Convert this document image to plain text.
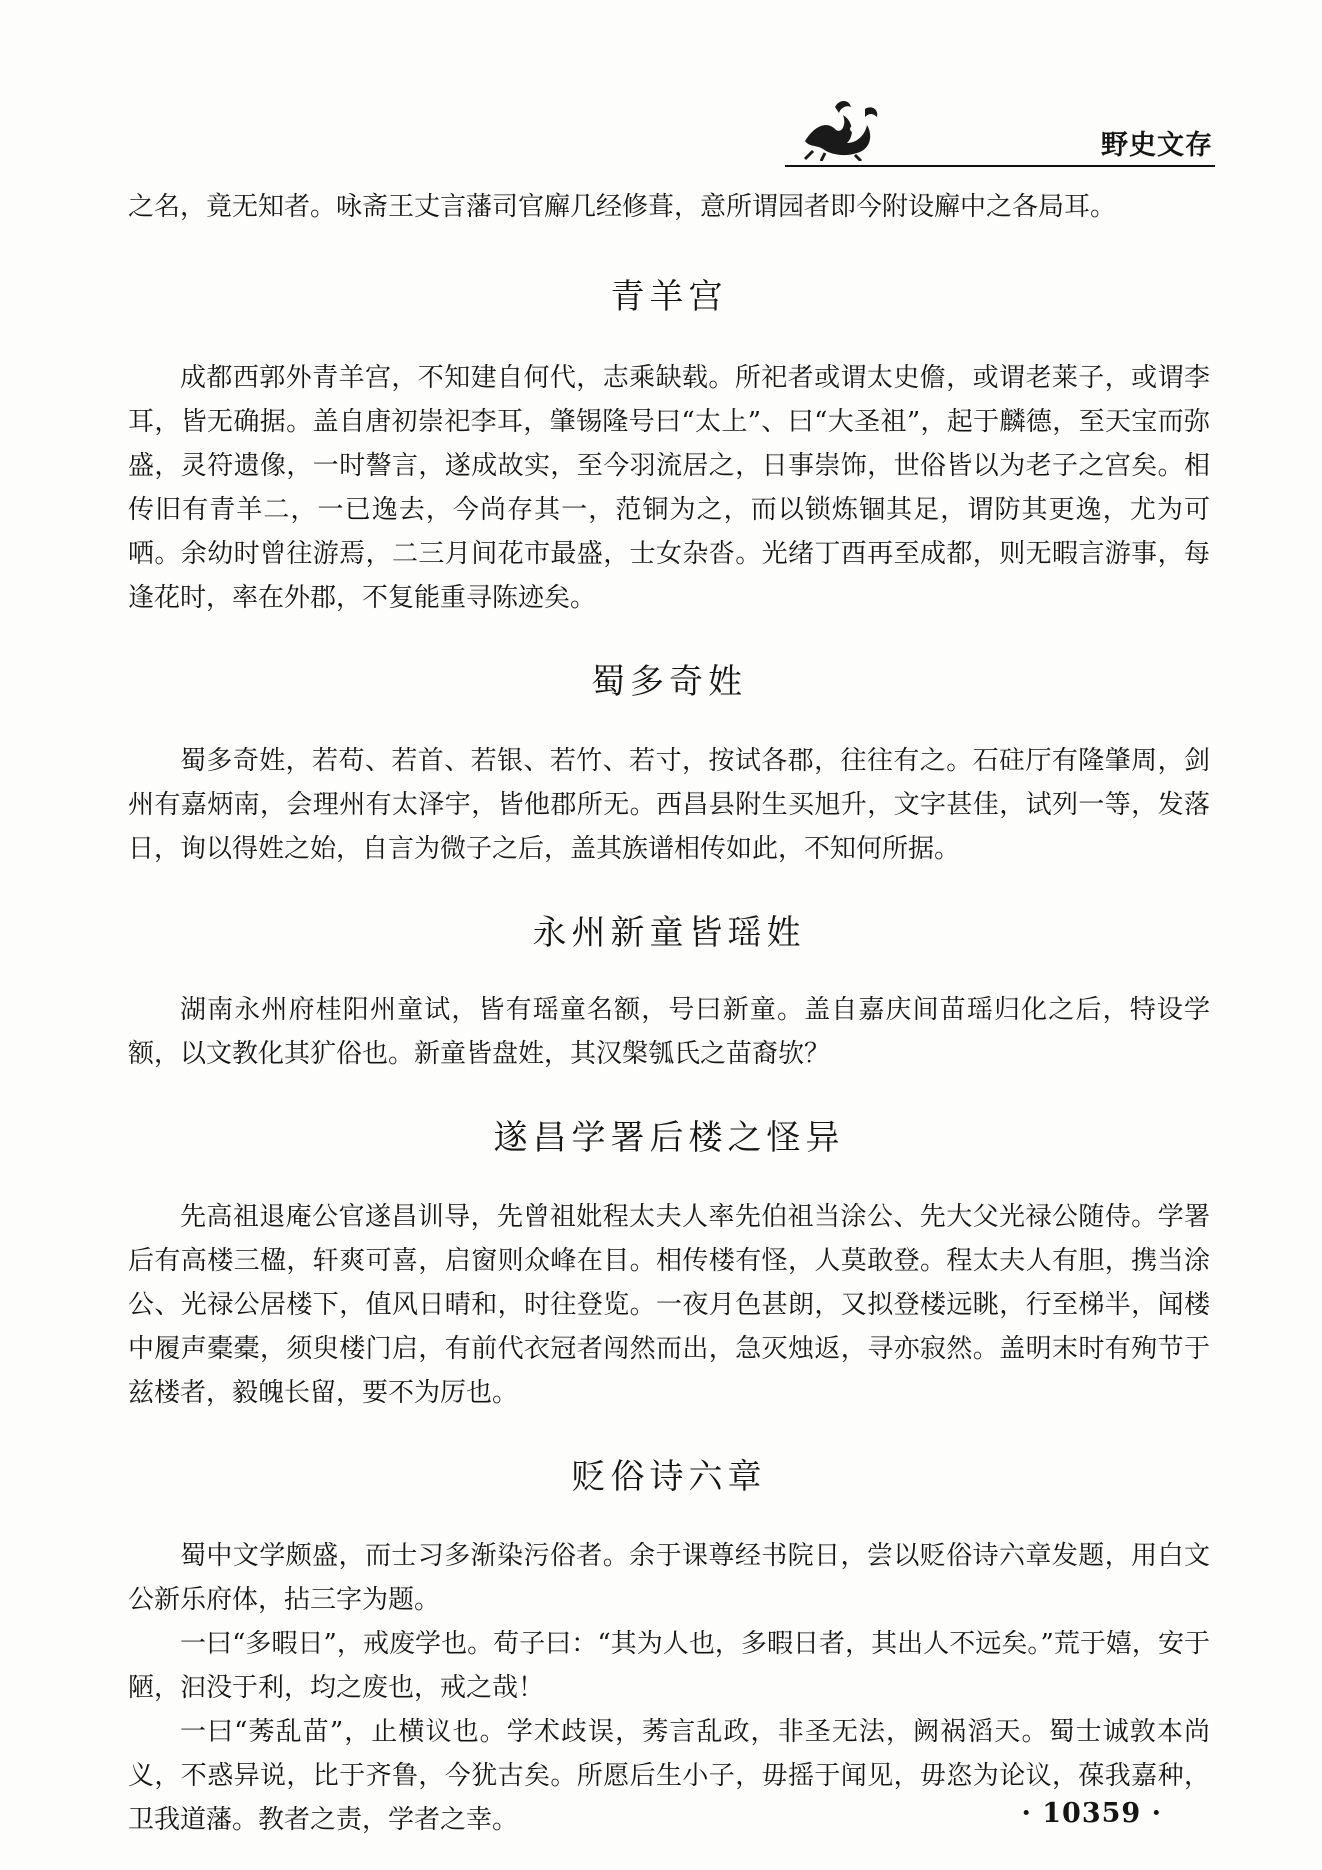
野史文存

之名，竟无知者。咏斋王丈言藩司官廨几经修葺，意所谓园者即今附设廨中之各局耳。

青羊宫

成都西郭外青羊宫，不知建自何代，志乘缺载。所祀者或谓太史儋，或谓老莱子，或谓李耳，皆无确据。盖自唐初崇祀李耳，肇锡隆号曰“太上”、曰“大圣祖”，起于麟德，至天宝而弥盛，灵符遗像，一时謷言，遂成故实，至今羽流居之，日事崇饰，世俗皆以为老子之宫矣。相传旧有青羊二，一已逸去，今尚存其一，范铜为之，而以锁炼锢其足，谓防其更逸，尤为可哂。余幼时曾往游焉，二三月间花市最盛，士女杂沓。光绪丁酉再至成都，则无暇言游事，每逢花时，率在外郡，不复能重寻陈迹矣。

蜀多奇姓

蜀多奇姓，若苟、若首、若银、若竹、若寸，按试各郡，往往有之。石砫厅有隆肇周，剑州有嘉炳南，会理州有太泽宇，皆他郡所无。西昌县附生买旭升，文字甚佳，试列一等，发落日，询以得姓之始，自言为微子之后，盖其族谱相传如此，不知何所据。

永州新童皆瑶姓

湖南永州府桂阳州童试，皆有瑶童名额，号曰新童。盖自嘉庆间苗瑶归化之后，特设学额，以文教化其犷俗也。新童皆盘姓，其汉槃瓠氏之苗裔欤？

遂昌学署后楼之怪异

先高祖退庵公官遂昌训导，先曾祖妣程太夫人率先伯祖当涂公、先大父光禄公随侍。学署后有高楼三楹，轩爽可喜，启窗则众峰在目。相传楼有怪，人莫敢登。程太夫人有胆，携当涂公、光禄公居楼下，值风日晴和，时往登览。一夜月色甚朗，又拟登楼远眺，行至梯半，闻楼中履声橐橐，须臾楼门启，有前代衣冠者闯然而出，急灭烛返，寻亦寂然。盖明末时有殉节于兹楼者，毅魄长留，要不为厉也。

贬俗诗六章

蜀中文学颇盛，而士习多渐染污俗者。余于课尊经书院日，尝以贬俗诗六章发题，用白文公新乐府体，拈三字为题。

一曰“多暇日”，戒废学也。荀子曰：“其为人也，多暇日者，其出人不远矣。”荒于嬉，安于陋，汩没于利，均之废也，戒之哉！

一曰“莠乱苗”，止横议也。学术歧误，莠言乱政，非圣无法，阙祸滔天。蜀士诚敦本尚义，不惑异说，比于齐鲁，今犹古矣。所愿后生小子，毋摇于闻见，毋恣为论议，葆我嘉种，卫我道藩。教者之责，学者之幸。	· 10359 ·
